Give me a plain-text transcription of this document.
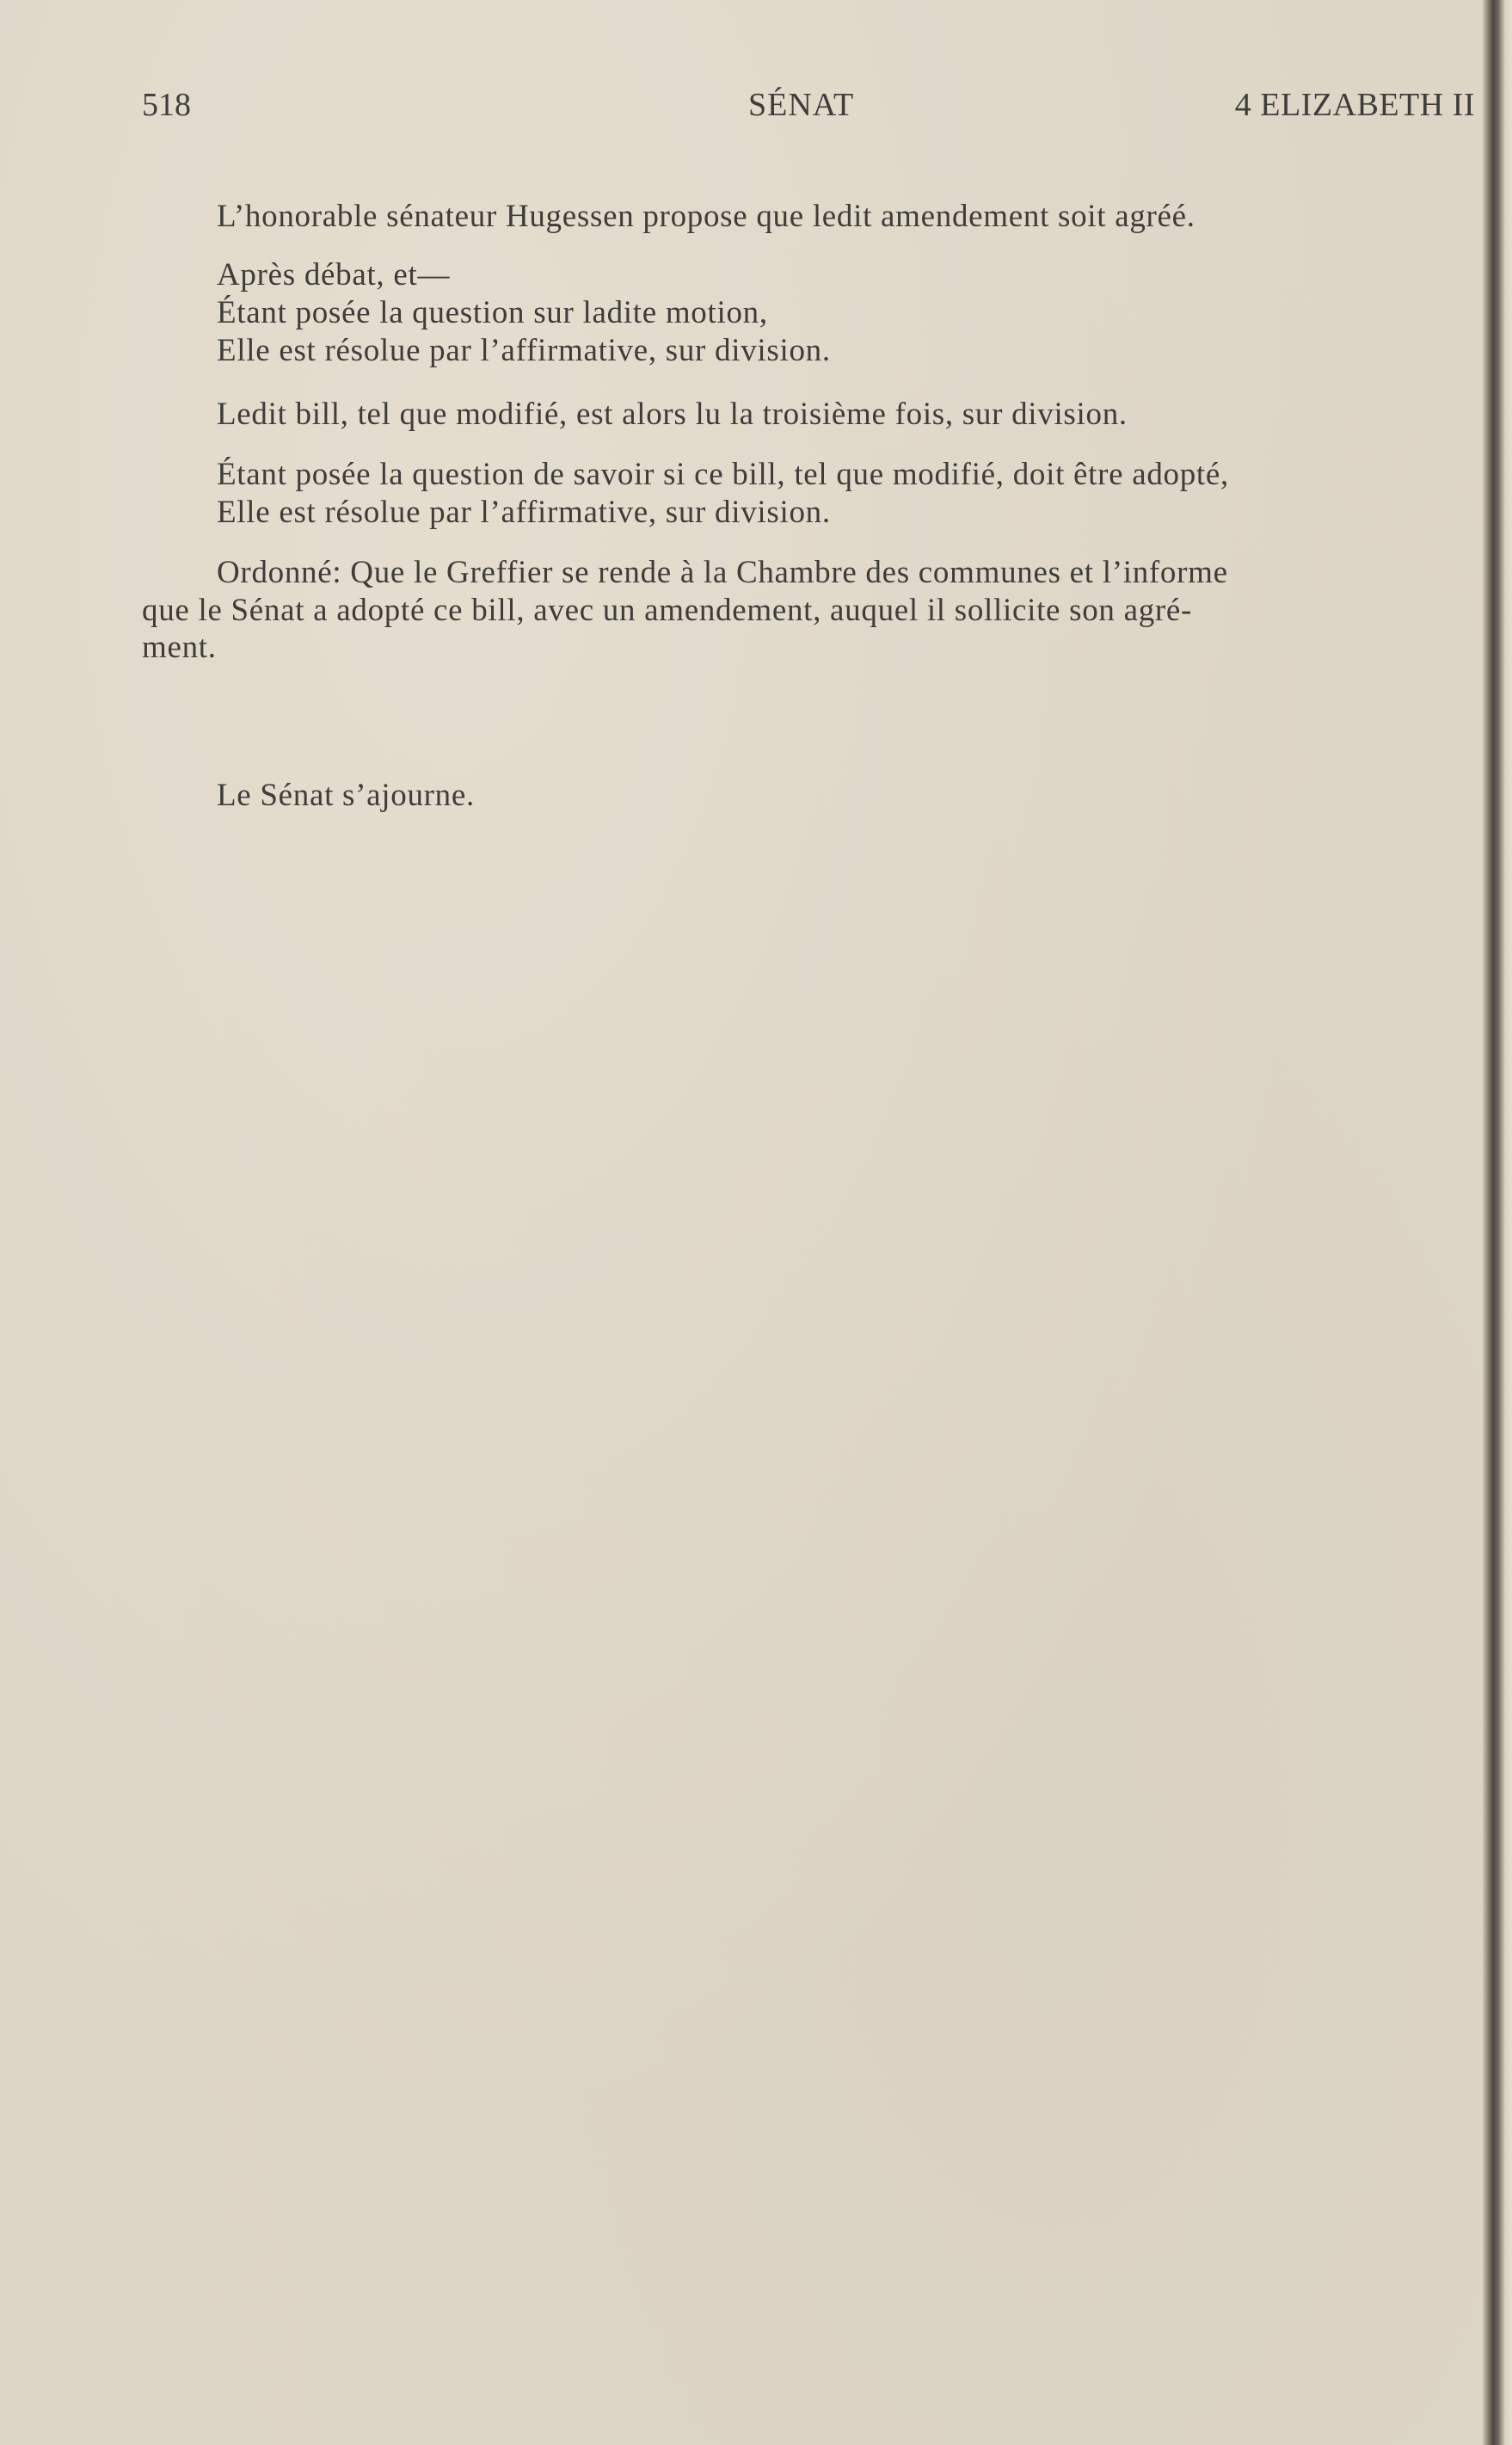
518	SÉNAT	4 ELIZABETH II
L’honorable sénateur Hugessen propose que ledit amendement soit agréé.
Après débat, et—
Étant posée la question sur ladite motion,
Elle est résolue par l’affirmative, sur division.
Ledit bill, tel que modifié, est alors lu la troisième fois, sur division.
Étant posée la question de savoir si ce bill, tel que modifié, doit être adopté,
Elle est résolue par l’affirmative, sur division.
Ordonné: Que le Greffier se rende à la Chambre des communes et l’informe
que le Sénat a adopté ce bill, avec un amendement, auquel il sollicite son agré-
ment.
Le Sénat s’ajourne.
